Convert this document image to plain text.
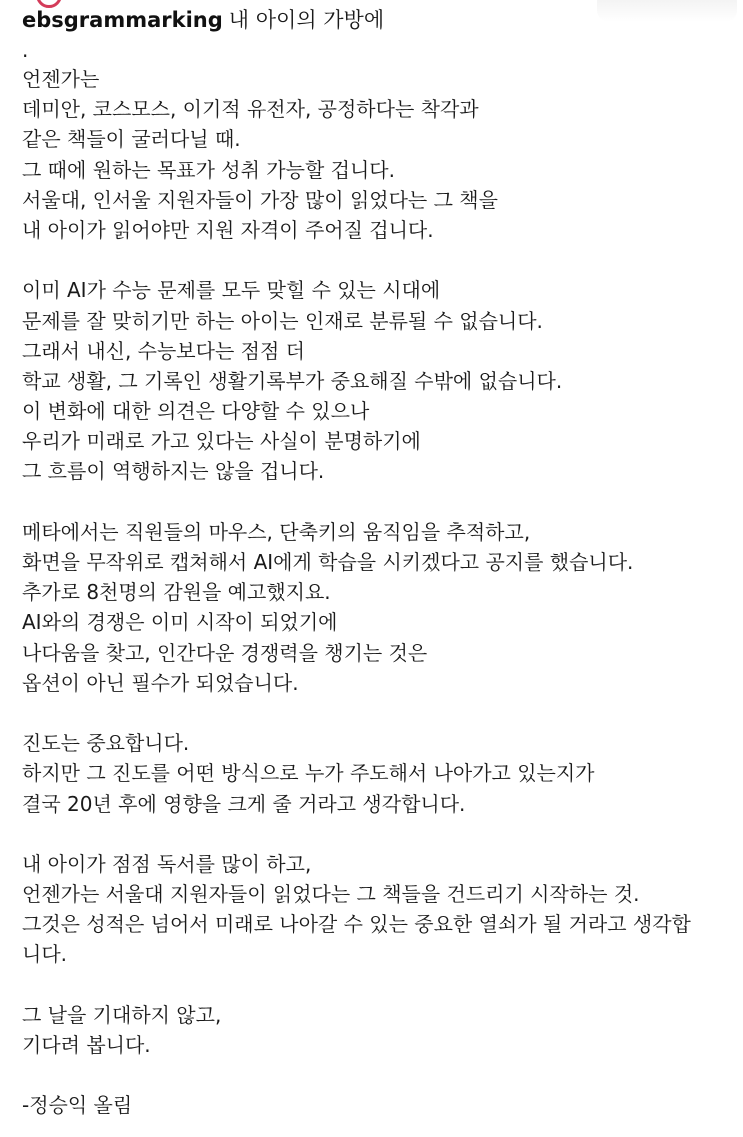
ebsgrammarking 내 아이의 가방에
.
언젠가는
데미안, 코스모스, 이기적 유전자, 공정하다는 착각과
같은 책들이 굴러다닐 때.
그 때에 원하는 목표가 성취 가능할 겁니다.
서울대, 인서울 지원자들이 가장 많이 읽었다는 그 책을
내 아이가 읽어야만 지원 자격이 주어질 겁니다.
이미 AI가 수능 문제를 모두 맞힐 수 있는 시대에
문제를 잘 맞히기만 하는 아이는 인재로 분류될 수 없습니다.
그래서 내신, 수능보다는 점점 더
학교 생활, 그 기록인 생활기록부가 중요해질 수밖에 없습니다.
이 변화에 대한 의견은 다양할 수 있으나
우리가 미래로 가고 있다는 사실이 분명하기에
그 흐름이 역행하지는 않을 겁니다.
메타에서는 직원들의 마우스, 단축키의 움직임을 추적하고,
화면을 무작위로 캡쳐해서 AI에게 학습을 시키겠다고 공지를 했습니다.
추가로 8천명의 감원을 예고했지요.
AI와의 경쟁은 이미 시작이 되었기에
나다움을 찾고, 인간다운 경쟁력을 챙기는 것은
옵션이 아닌 필수가 되었습니다.
진도는 중요합니다.
하지만 그 진도를 어떤 방식으로 누가 주도해서 나아가고 있는지가
결국 20년 후에 영향을 크게 줄 거라고 생각합니다.
내 아이가 점점 독서를 많이 하고,
언젠가는 서울대 지원자들이 읽었다는 그 책들을 건드리기 시작하는 것.
그것은 성적은 넘어서 미래로 나아갈 수 있는 중요한 열쇠가 될 거라고 생각합
니다.
그 날을 기대하지 않고,
기다려 봅니다.
-정승익 올림
